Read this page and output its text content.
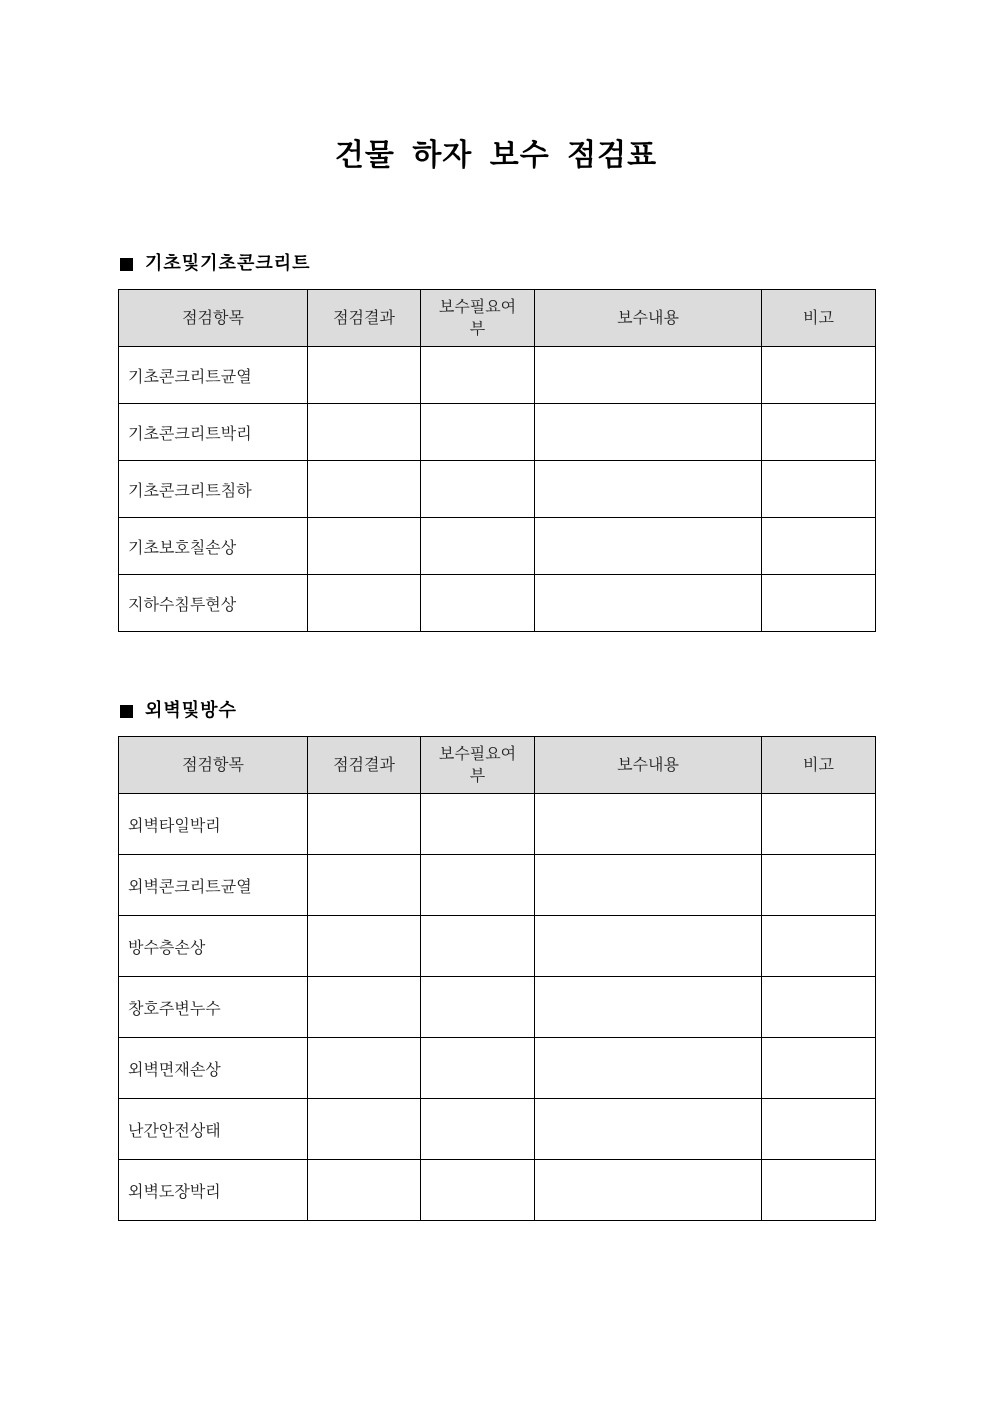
건물 하자 보수 점검표
기초및기초콘크리트
점검항목	점검결과	보수필요여부	보수내용	비고
기초콘크리트균열				
기초콘크리트박리				
기초콘크리트침하				
기초보호칠손상				
지하수침투현상				
외벽및방수
점검항목	점검결과	보수필요여부	보수내용	비고
외벽타일박리				
외벽콘크리트균열				
방수층손상				
창호주변누수				
외벽면재손상				
난간안전상태				
외벽도장박리				
